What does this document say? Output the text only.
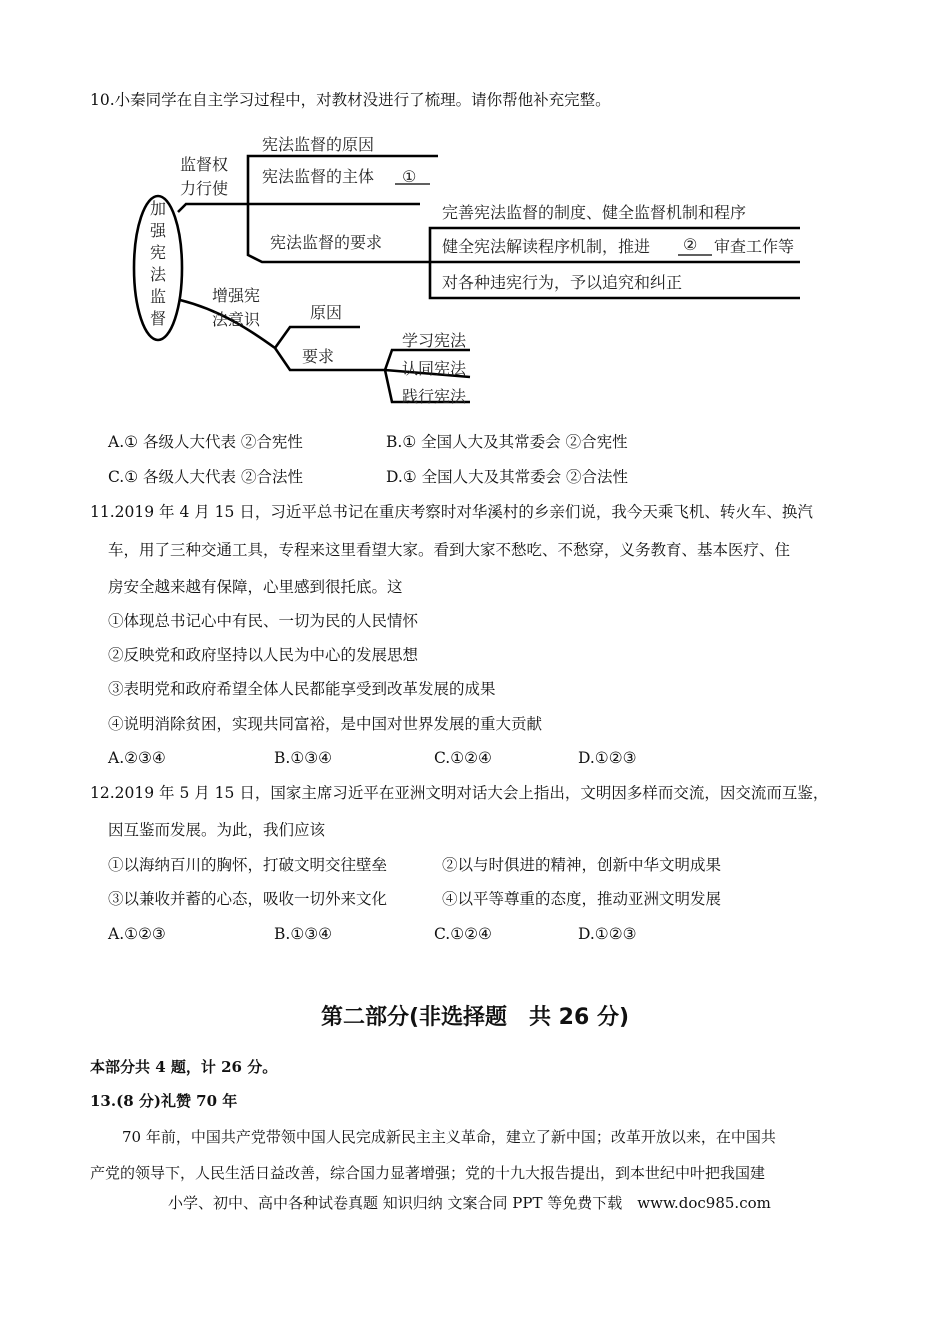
10.小秦同学在自主学习过程中，对教材没进行了梳理。请你帮他补充完整。
加
强
宪
法
监
督
监督权
力行使
宪法监督的原因
宪法监督的主体 ①
宪法监督的要求
完善宪法监督的制度、健全监督机制和程序
健全宪法解读程序机制，推进 ② 审查工作等
对各种违宪行为，予以追究和纠正
增强宪
法意识	原因
要求
学习宪法
认同宪法
践行宪法
A.① 各级人大代表 ②合宪性	B.① 全国人大及其常委会 ②合宪性
C.① 各级人大代表 ②合法性	D.① 全国人大及其常委会 ②合法性
11.2019 年 4 月 15 日，习近平总书记在重庆考察时对华溪村的乡亲们说，我今天乘飞机、转火车、换汽
车，用了三种交通工具，专程来这里看望大家。看到大家不愁吃、不愁穿，义务教育、基本医疗、住
房安全越来越有保障，心里感到很托底。这
①体现总书记心中有民、一切为民的人民情怀
②反映党和政府坚持以人民为中心的发展思想
③表明党和政府希望全体人民都能享受到改革发展的成果
④说明消除贫困，实现共同富裕，是中国对世界发展的重大贡献
A.②③④	B.①③④	C.①②④	D.①②③
12.2019 年 5 月 15 日，国家主席习近平在亚洲文明对话大会上指出，文明因多样而交流，因交流而互鉴，
因互鉴而发展。为此，我们应该
①以海纳百川的胸怀，打破文明交往壁垒	②以与时俱进的精神，创新中华文明成果
③以兼收并蓄的心态，吸收一切外来文化	④以平等尊重的态度，推动亚洲文明发展
A.①②③	B.①③④	C.①②④	D.①②③
第二部分(非选择题　共 26 分)
本部分共 4 题，计 26 分。
13.(8 分)礼赞 70 年
70 年前，中国共产党带领中国人民完成新民主主义革命，建立了新中国；改革开放以来，在中国共
产党的领导下，人民生活日益改善，综合国力显著增强；党的十九大报告提出，到本世纪中叶把我国建
小学、初中、高中各种试卷真题 知识归纳 文案合同 PPT 等免费下载　www.doc985.com
